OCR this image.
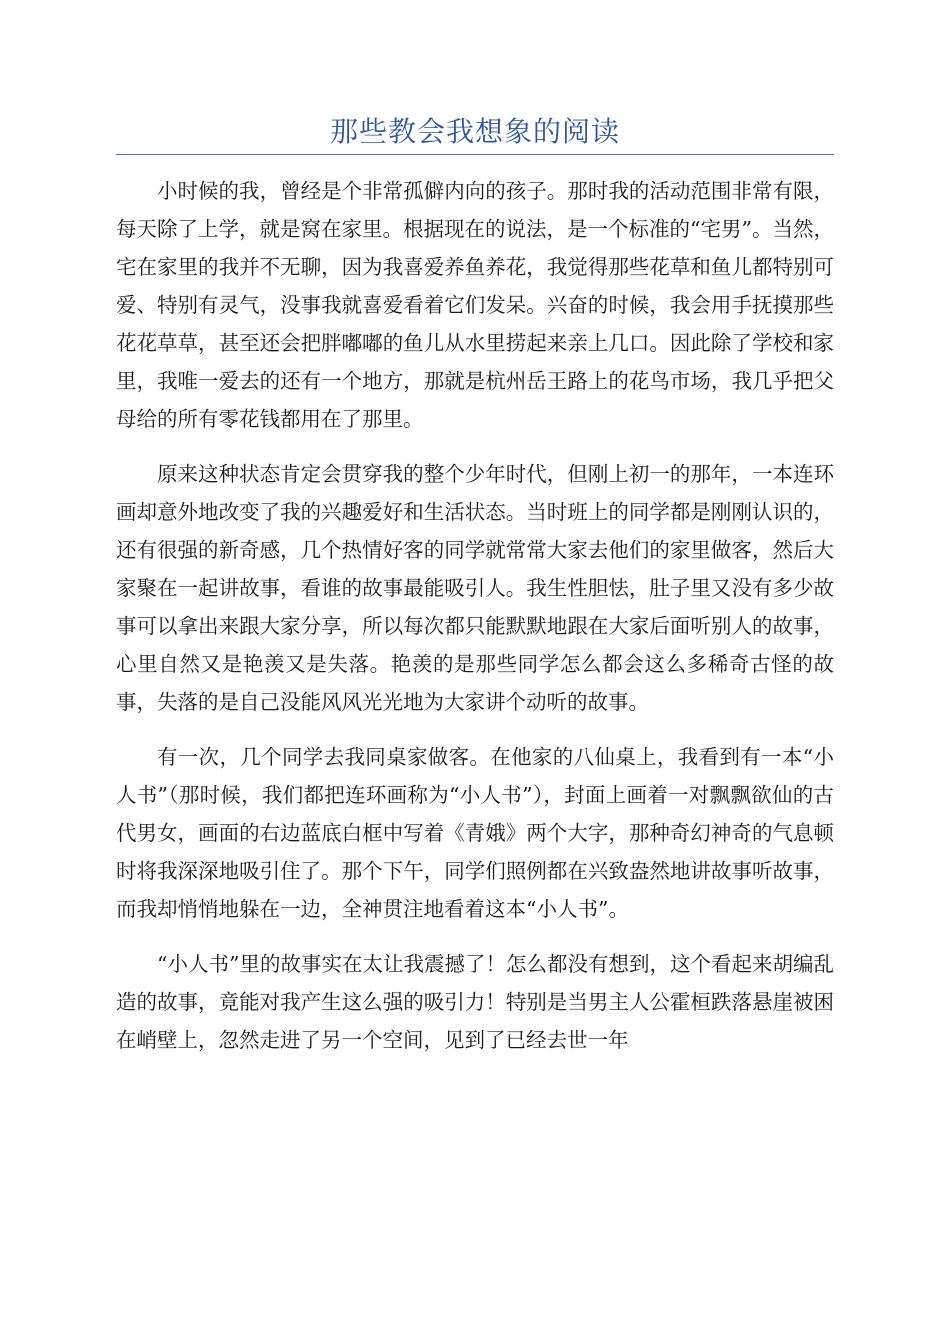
那些教会我想象的阅读

小时候的我，曾经是个非常孤僻内向的孩子。那时我的活动范围非常有限，每天除了上学，就是窝在家里。根据现在的说法，是一个标准的“宅男”。当然，宅在家里的我并不无聊，因为我喜爱养鱼养花，我觉得那些花草和鱼儿都特别可爱、特别有灵气，没事我就喜爱看着它们发呆。兴奋的时候，我会用手抚摸那些花花草草，甚至还会把胖嘟嘟的鱼儿从水里捞起来亲上几口。因此除了学校和家里，我唯一爱去的还有一个地方，那就是杭州岳王路上的花鸟市场，我几乎把父母给的所有零花钱都用在了那里。

原来这种状态肯定会贯穿我的整个少年时代，但刚上初一的那年，一本连环画却意外地改变了我的兴趣爱好和生活状态。当时班上的同学都是刚刚认识的，还有很强的新奇感，几个热情好客的同学就常常大家去他们的家里做客，然后大家聚在一起讲故事，看谁的故事最能吸引人。我生性胆怯，肚子里又没有多少故事可以拿出来跟大家分享，所以每次都只能默默地跟在大家后面听别人的故事，心里自然又是艳羡又是失落。艳羡的是那些同学怎么都会这么多稀奇古怪的故事，失落的是自己没能风风光光地为大家讲个动听的故事。

有一次，几个同学去我同桌家做客。在他家的八仙桌上，我看到有一本“小人书”（那时候，我们都把连环画称为“小人书”），封面上画着一对飘飘欲仙的古代男女，画面的右边蓝底白框中写着《青娥》两个大字，那种奇幻神奇的气息顿时将我深深地吸引住了。那个下午，同学们照例都在兴致盎然地讲故事听故事，而我却悄悄地躲在一边，全神贯注地看着这本“小人书”。

“小人书”里的故事实在太让我震撼了！怎么都没有想到，这个看起来胡编乱造的故事，竟能对我产生这么强的吸引力！特别是当男主人公霍桓跌落悬崖被困在峭壁上，忽然走进了另一个空间，见到了已经去世一年
